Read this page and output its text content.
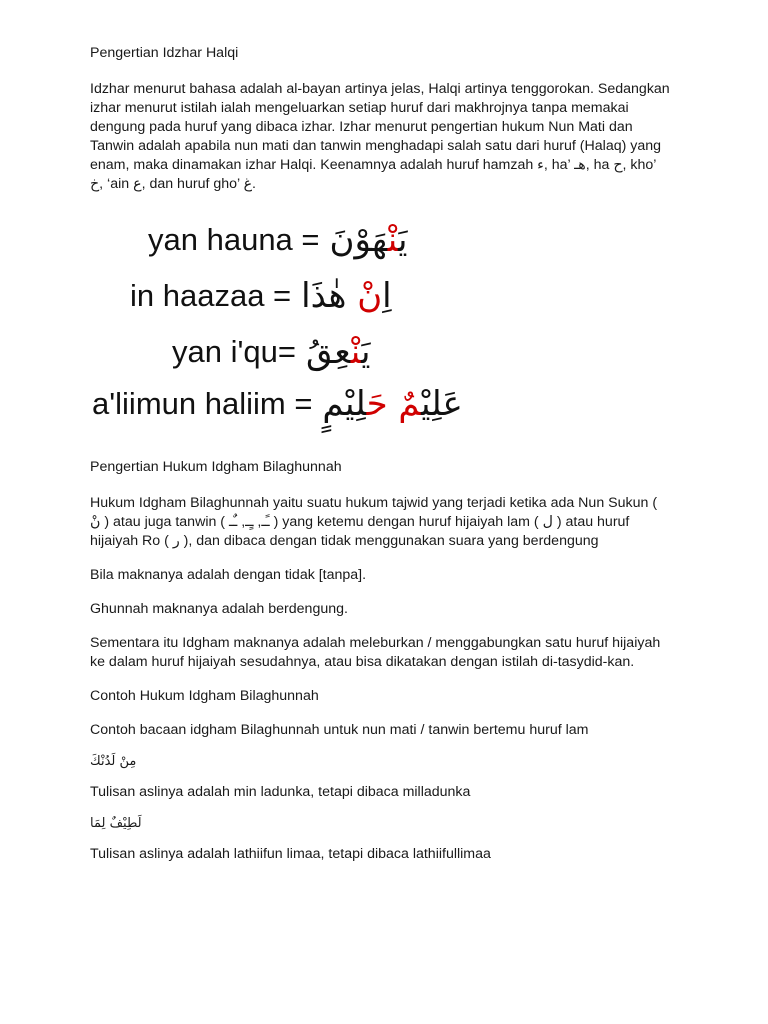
Pengertian Idzhar Halqi

Idzhar menurut bahasa adalah al-bayan artinya jelas, Halqi artinya tenggorokan. Sedangkan izhar menurut istilah ialah mengeluarkan setiap huruf dari makhrojnya tanpa memakai dengung pada huruf yang dibaca izhar. Izhar menurut pengertian hukum Nun Mati dan Tanwin adalah apabila nun mati dan tanwin menghadapi salah satu dari huruf (Halaq) yang enam, maka dinamakan izhar Halqi. Keenamnya adalah huruf hamzah ء, ha’ هـ, ha ح, kho’ خ, ‘ain ع, dan huruf gho’ غ.

yan hauna =	يَنْهَوْنَ
in haazaa =	اِنْ هٰذَا
yan i'qu=	يَنْعِقُ
a'liimun haliim =	عَلِيْمٌ حَلِيْمٍ

Pengertian Hukum Idgham Bilaghunnah

Hukum Idgham Bilaghunnah yaitu suatu hukum tajwid yang terjadi ketika ada Nun Sukun ( نْ ) atau juga tanwin ( ـًـ, ـٍـ, ـٌـ ) yang ketemu dengan huruf hijaiyah lam ( ل ) atau huruf hijaiyah Ro ( ر ), dan dibaca dengan tidak menggunakan suara yang berdengung

Bila maknanya adalah dengan tidak [tanpa].

Ghunnah maknanya adalah berdengung.

Sementara itu Idgham maknanya adalah meleburkan / menggabungkan satu huruf hijaiyah ke dalam huruf hijaiyah sesudahnya, atau bisa dikatakan dengan istilah di-tasydid-kan.

Contoh Hukum Idgham Bilaghunnah

Contoh bacaan idgham Bilaghunnah untuk nun mati / tanwin bertemu huruf lam

مِنْ لَدُنْكَ

Tulisan aslinya adalah min ladunka, tetapi dibaca milladunka

لَطِيْفٌ لِمَا

Tulisan aslinya adalah lathiifun limaa, tetapi dibaca lathiifullimaa
